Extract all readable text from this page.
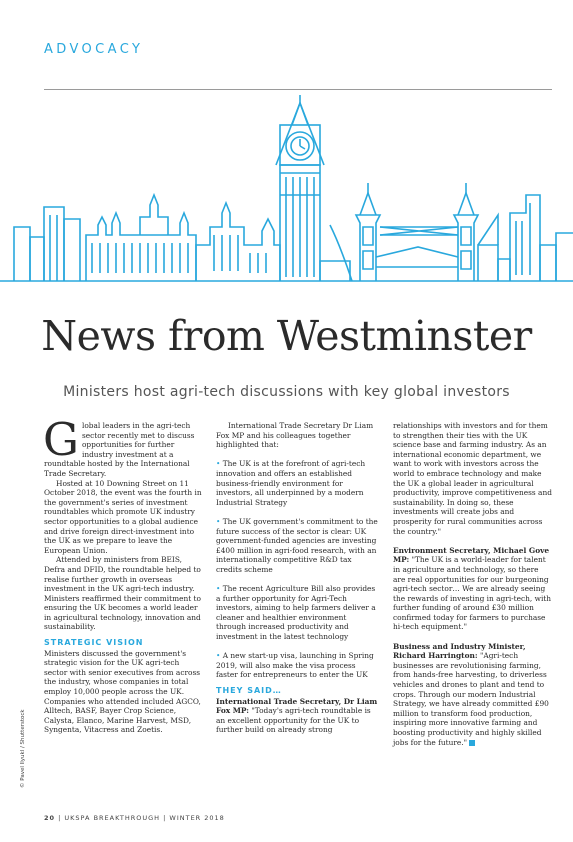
ADVOCACY
News from Westminster

Ministers host agri-tech discussions with key global investors

© Pavel Ilyukl / Shutterstock

Global leaders in the agri-tech sector recently met to discuss opportunities for further industry investment at a roundtable hosted by the International Trade Secretary.

Hosted at 10 Downing Street on 11 October 2018, the event was the fourth in the government's series of investment roundtables which promote UK industry sector opportunities to a global audience and drive foreign direct-investment into the UK as we prepare to leave the European Union.

Attended by ministers from BEIS, Defra and DFID, the roundtable helped to realise further growth in overseas investment in the UK agri-tech industry. Ministers reaffirmed their commitment to ensuring the UK becomes a world leader in agricultural technology, innovation and sustainability.

STRATEGIC VISION

Ministers discussed the government's strategic vision for the UK agri-tech sector with senior executives from across the industry, whose companies in total employ 10,000 people across the UK. Companies who attended included AGCO, Alltech, BASF, Bayer Crop Science, Calysta, Elanco, Marine Harvest, MSD, Syngenta, Vitacress and Zoetis.

International Trade Secretary Dr Liam Fox MP and his colleagues together highlighted that:

• The UK is at the forefront of agri-tech innovation and offers an established business-friendly environment for investors, all underpinned by a modern Industrial Strategy

• The UK government's commitment to the future success of the sector is clear: UK government-funded agencies are investing £400 million in agri-food research, with an internationally competitive R&D tax credits scheme

• The recent Agriculture Bill also provides a further opportunity for Agri-Tech investors, aiming to help farmers deliver a cleaner and healthier environment through increased productivity and investment in the latest technology

• A new start-up visa, launching in Spring 2019, will also make the visa process faster for entrepreneurs to enter the UK

THEY SAID…

International Trade Secretary, Dr Liam Fox MP: "Today's agri-tech roundtable is an excellent opportunity for the UK to further build on already strong

relationships with investors and for them to strengthen their ties with the UK science base and farming industry. As an international economic department, we want to work with investors across the world to embrace technology and make the UK a global leader in agricultural productivity, improve competitiveness and sustainability. In doing so, these investments will create jobs and prosperity for rural communities across the country."

Environment Secretary, Michael Gove MP: "The UK is a world-leader for talent in agriculture and technology, so there are real opportunities for our burgeoning agri-tech sector… We are already seeing the rewards of investing in agri-tech, with further funding of around £30 million confirmed today for farmers to purchase hi-tech equipment."

Business and Industry Minister, Richard Harrington: "Agri-tech businesses are revolutionising farming, from hands-free harvesting, to driverless vehicles and drones to plant and tend to crops. Through our modern Industrial Strategy, we have already committed £90 million to transform food production, inspiring more innovative farming and boosting productivity and highly skilled jobs for the future."

20 | UKSPA BREAKTHROUGH | WINTER 2018
